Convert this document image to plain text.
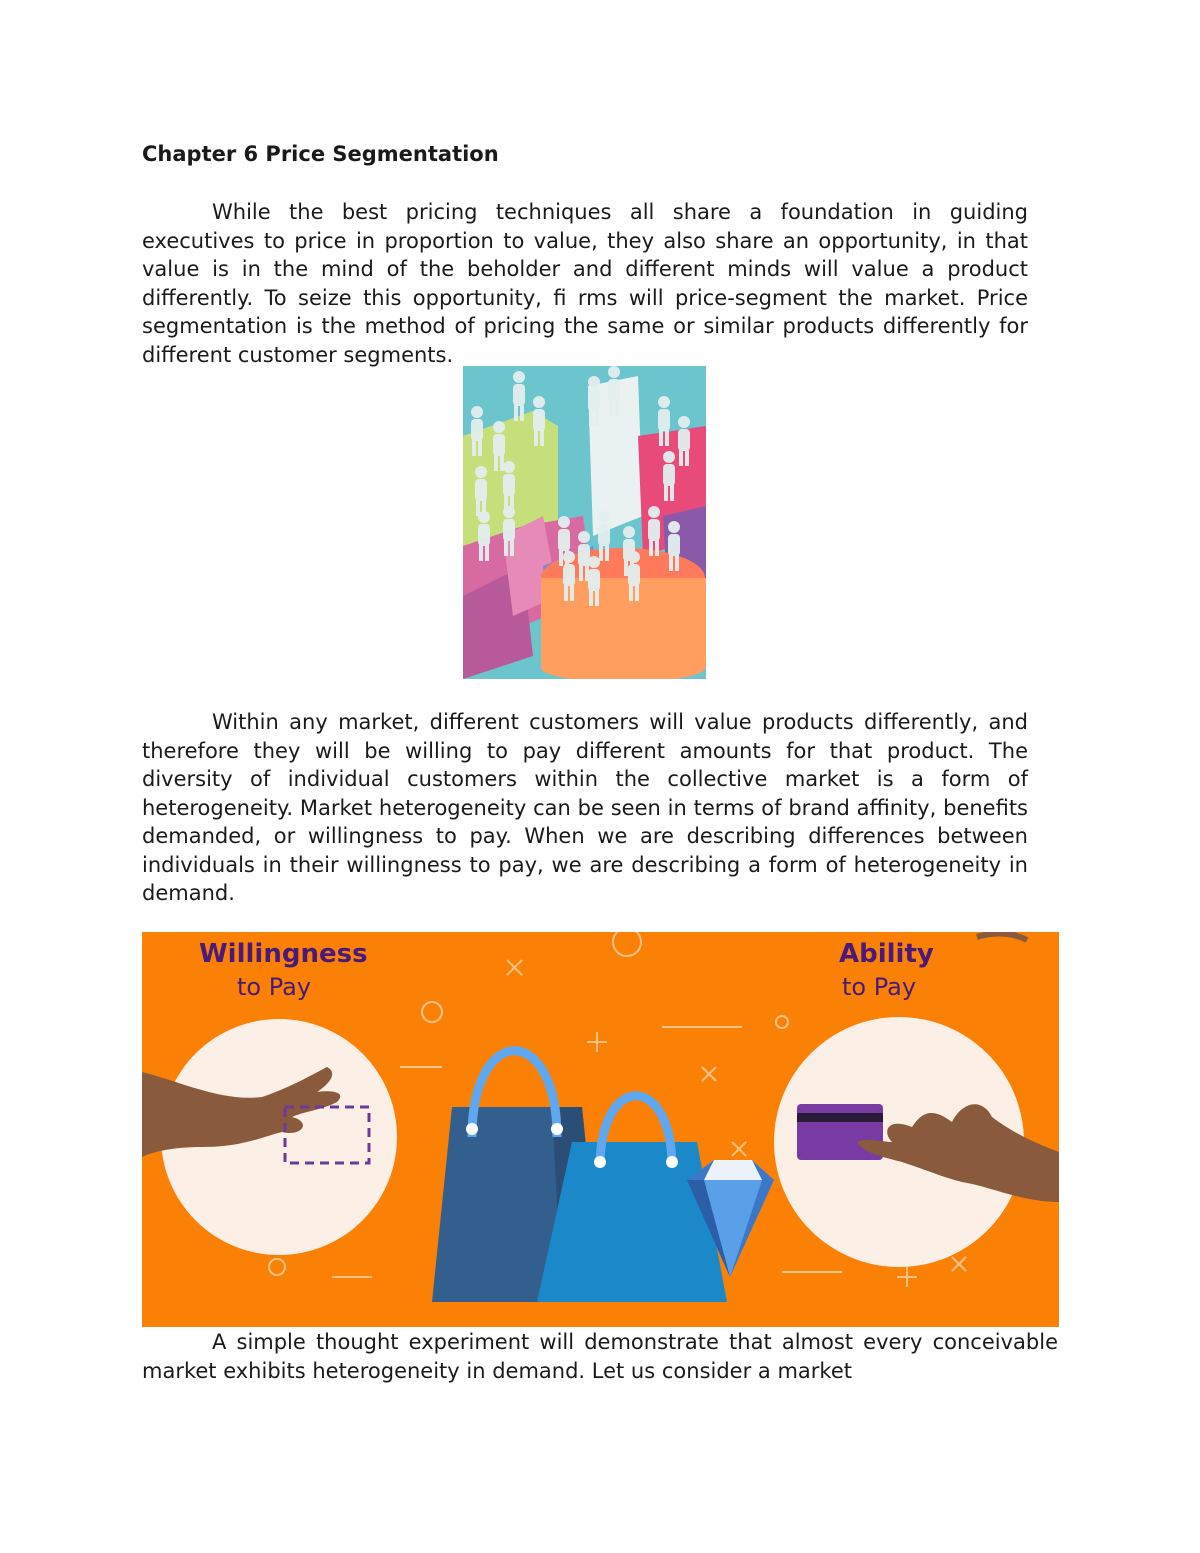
Chapter 6 Price Segmentation

While the best pricing techniques all share a foundation in guiding executives to price in proportion to value, they also share an opportunity, in that value is in the mind of the beholder and different minds will value a product differently. To seize this opportunity, fi rms will price-segment the market. Price segmentation is the method of pricing the same or similar products differently for different customer segments.

Within any market, different customers will value products differently, and therefore they will be willing to pay different amounts for that product. The diversity of individual customers within the collective market is a form of heterogeneity. Market heterogeneity can be seen in terms of brand affinity, benefits demanded, or willingness to pay. When we are describing differences between individuals in their willingness to pay, we are describing a form of heterogeneity in demand.

Willingness
to Pay
Ability
to Pay

A simple thought experiment will demonstrate that almost every conceivable market exhibits heterogeneity in demand. Let us consider a market
